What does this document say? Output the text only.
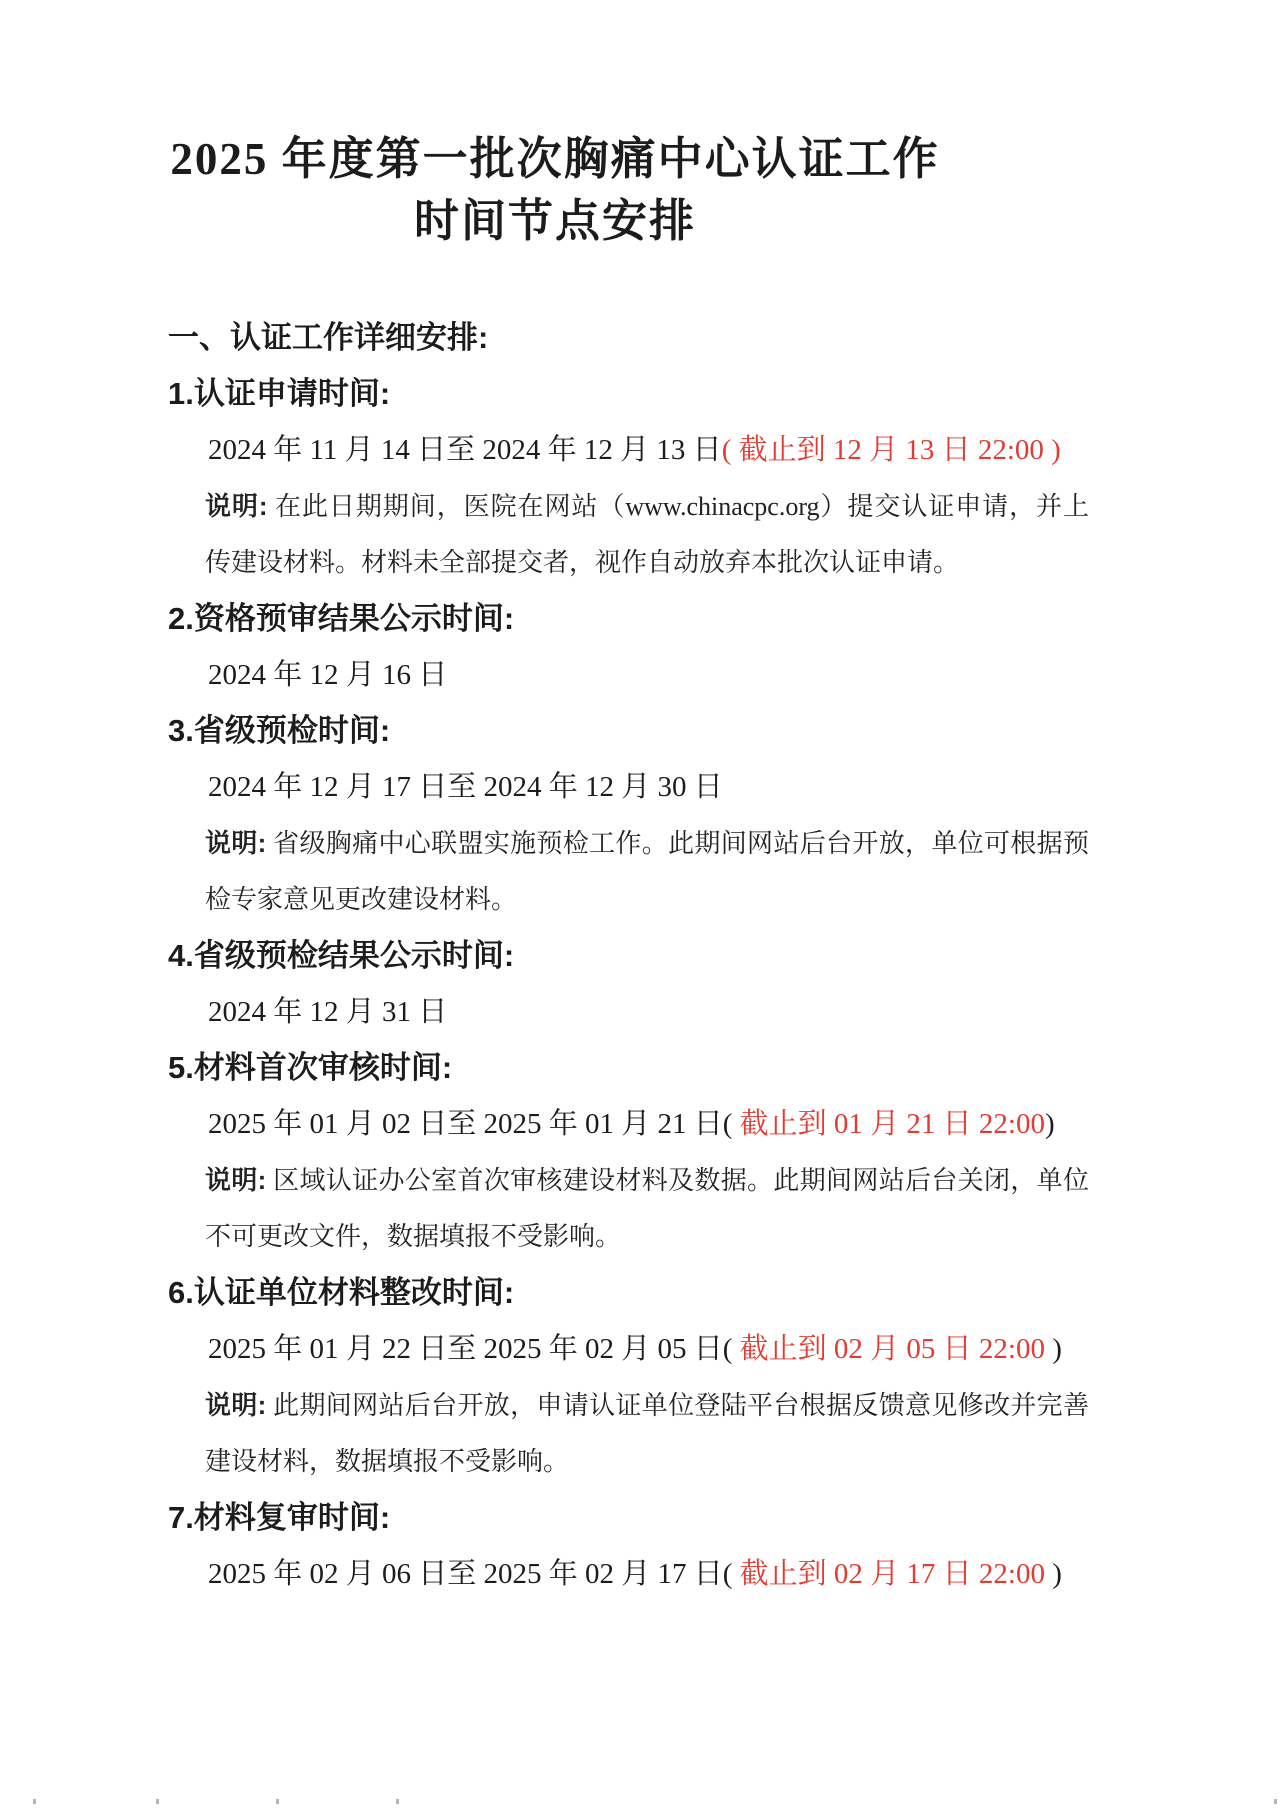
2025 年度第一批次胸痛中心认证工作
时间节点安排
一、认证工作详细安排:
1.认证申请时间:
2024 年 11 月 14 日至 2024 年 12 月 13 日( 截止到 12 月 13 日 22:00 )
说明: 在此日期期间，医院在网站（www.chinacpc.org）提交认证申请，并上传建设材料。材料未全部提交者，视作自动放弃本批次认证申请。
2.资格预审结果公示时间:
2024 年 12 月 16 日
3.省级预检时间:
2024 年 12 月 17 日至 2024 年 12 月 30 日
说明: 省级胸痛中心联盟实施预检工作。此期间网站后台开放，单位可根据预检专家意见更改建设材料。
4.省级预检结果公示时间:
2024 年 12 月 31 日
5.材料首次审核时间:
2025 年 01 月 02 日至 2025 年 01 月 21 日( 截止到 01 月 21 日 22:00)
说明: 区域认证办公室首次审核建设材料及数据。此期间网站后台关闭，单位不可更改文件，数据填报不受影响。
6.认证单位材料整改时间:
2025 年 01 月 22 日至 2025 年 02 月 05 日( 截止到 02 月 05 日 22:00 )
说明: 此期间网站后台开放，申请认证单位登陆平台根据反馈意见修改并完善建设材料，数据填报不受影响。
7.材料复审时间:
2025 年 02 月 06 日至 2025 年 02 月 17 日( 截止到 02 月 17 日 22:00 )
